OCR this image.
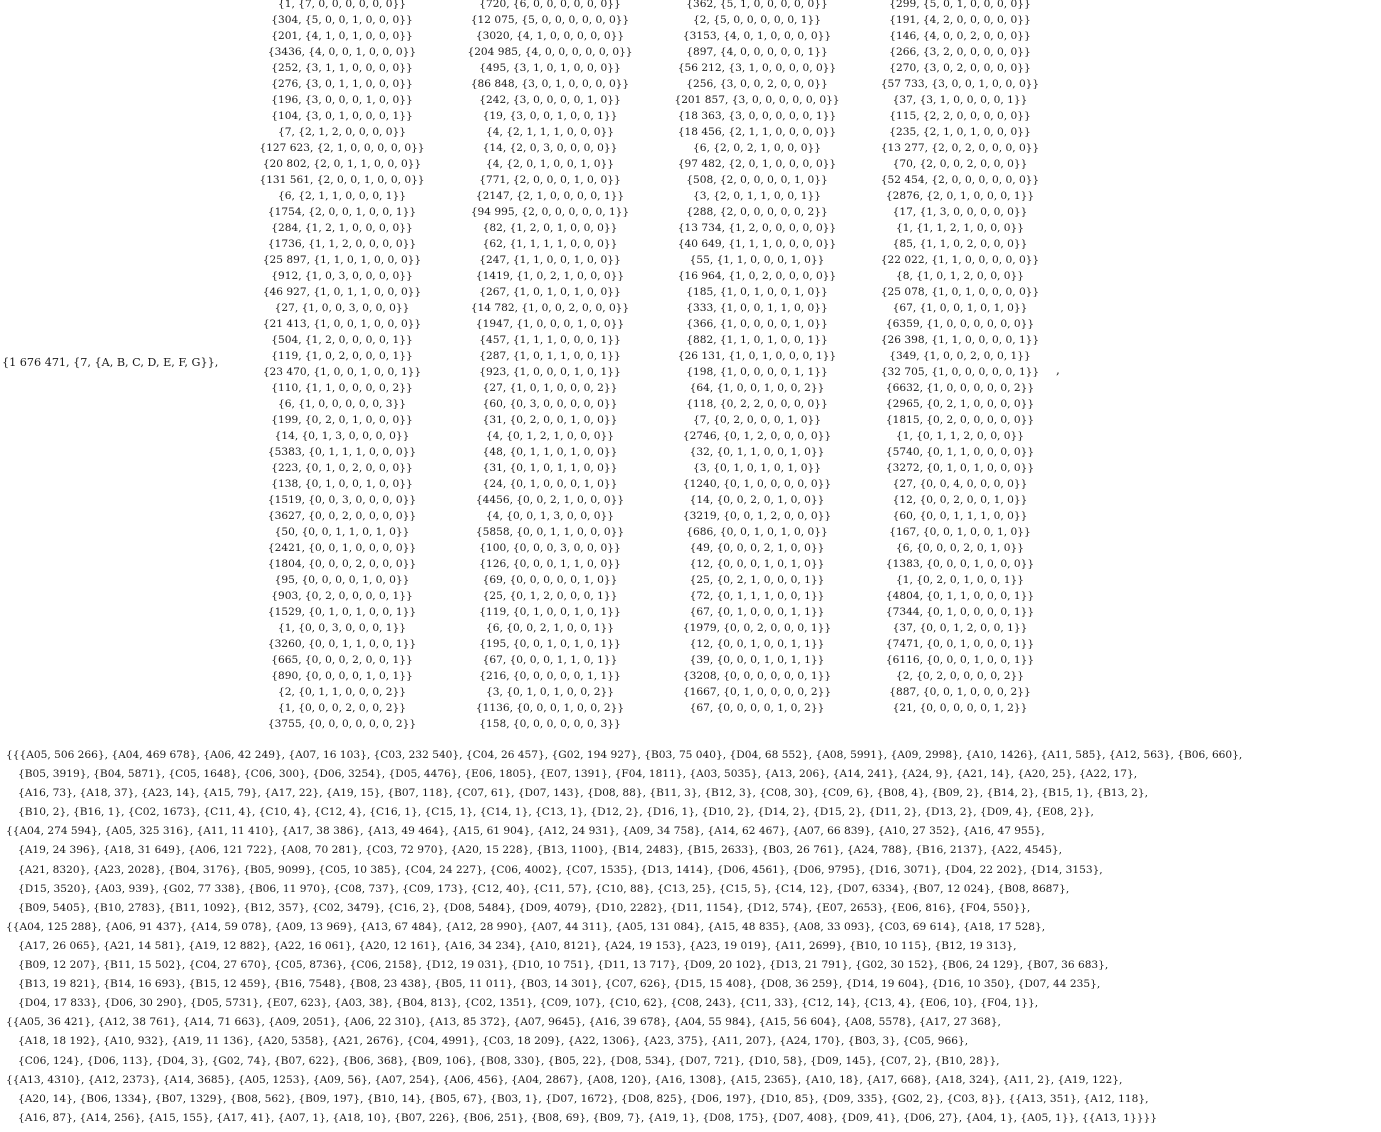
{1 676 471, {7, {A, B, C, D, E, F, G}},
{1, {7, 0, 0, 0, 0, 0, 0}}
{304, {5, 0, 0, 1, 0, 0, 0}}
{201, {4, 1, 0, 1, 0, 0, 0}}
{3436, {4, 0, 0, 1, 0, 0, 0}}
{252, {3, 1, 1, 0, 0, 0, 0}}
{276, {3, 0, 1, 1, 0, 0, 0}}
{196, {3, 0, 0, 0, 1, 0, 0}}
{104, {3, 0, 1, 0, 0, 0, 1}}
{7, {2, 1, 2, 0, 0, 0, 0}}
{127 623, {2, 1, 0, 0, 0, 0, 0}}
{20 802, {2, 0, 1, 1, 0, 0, 0}}
{131 561, {2, 0, 0, 1, 0, 0, 0}}
{6, {2, 1, 1, 0, 0, 0, 1}}
{1754, {2, 0, 0, 1, 0, 0, 1}}
{284, {1, 2, 1, 0, 0, 0, 0}}
{1736, {1, 1, 2, 0, 0, 0, 0}}
{25 897, {1, 1, 0, 1, 0, 0, 0}}
{912, {1, 0, 3, 0, 0, 0, 0}}
{46 927, {1, 0, 1, 1, 0, 0, 0}}
{27, {1, 0, 0, 3, 0, 0, 0}}
{21 413, {1, 0, 0, 1, 0, 0, 0}}
{504, {1, 2, 0, 0, 0, 0, 1}}
{119, {1, 0, 2, 0, 0, 0, 1}}
{23 470, {1, 0, 0, 1, 0, 0, 1}}
{110, {1, 1, 0, 0, 0, 0, 2}}
{6, {1, 0, 0, 0, 0, 0, 3}}
{199, {0, 2, 0, 1, 0, 0, 0}}
{14, {0, 1, 3, 0, 0, 0, 0}}
{5383, {0, 1, 1, 1, 0, 0, 0}}
{223, {0, 1, 0, 2, 0, 0, 0}}
{138, {0, 1, 0, 0, 1, 0, 0}}
{1519, {0, 0, 3, 0, 0, 0, 0}}
{3627, {0, 0, 2, 0, 0, 0, 0}}
{50, {0, 0, 1, 1, 0, 1, 0}}
{2421, {0, 0, 1, 0, 0, 0, 0}}
{1804, {0, 0, 0, 2, 0, 0, 0}}
{95, {0, 0, 0, 0, 1, 0, 0}}
{903, {0, 2, 0, 0, 0, 0, 1}}
{1529, {0, 1, 0, 1, 0, 0, 1}}
{1, {0, 0, 3, 0, 0, 0, 1}}
{3260, {0, 0, 1, 1, 0, 0, 1}}
{665, {0, 0, 0, 2, 0, 0, 1}}
{890, {0, 0, 0, 0, 1, 0, 1}}
{2, {0, 1, 1, 0, 0, 0, 2}}
{1, {0, 0, 0, 2, 0, 0, 2}}
{3755, {0, 0, 0, 0, 0, 0, 2}}
{720, {6, 0, 0, 0, 0, 0, 0}}
{12 075, {5, 0, 0, 0, 0, 0, 0}}
{3020, {4, 1, 0, 0, 0, 0, 0}}
{204 985, {4, 0, 0, 0, 0, 0, 0}}
{495, {3, 1, 0, 1, 0, 0, 0}}
{86 848, {3, 0, 1, 0, 0, 0, 0}}
{242, {3, 0, 0, 0, 0, 1, 0}}
{19, {3, 0, 0, 1, 0, 0, 1}}
{4, {2, 1, 1, 1, 0, 0, 0}}
{14, {2, 0, 3, 0, 0, 0, 0}}
{4, {2, 0, 1, 0, 0, 1, 0}}
{771, {2, 0, 0, 0, 1, 0, 0}}
{2147, {2, 1, 0, 0, 0, 0, 1}}
{94 995, {2, 0, 0, 0, 0, 0, 1}}
{82, {1, 2, 0, 1, 0, 0, 0}}
{62, {1, 1, 1, 1, 0, 0, 0}}
{247, {1, 1, 0, 0, 1, 0, 0}}
{1419, {1, 0, 2, 1, 0, 0, 0}}
{267, {1, 0, 1, 0, 1, 0, 0}}
{14 782, {1, 0, 0, 2, 0, 0, 0}}
{1947, {1, 0, 0, 0, 1, 0, 0}}
{457, {1, 1, 1, 0, 0, 0, 1}}
{287, {1, 0, 1, 1, 0, 0, 1}}
{923, {1, 0, 0, 0, 1, 0, 1}}
{27, {1, 0, 1, 0, 0, 0, 2}}
{60, {0, 3, 0, 0, 0, 0, 0}}
{31, {0, 2, 0, 0, 1, 0, 0}}
{4, {0, 1, 2, 1, 0, 0, 0}}
{48, {0, 1, 1, 0, 1, 0, 0}}
{31, {0, 1, 0, 1, 1, 0, 0}}
{24, {0, 1, 0, 0, 0, 1, 0}}
{4456, {0, 0, 2, 1, 0, 0, 0}}
{4, {0, 0, 1, 3, 0, 0, 0}}
{5858, {0, 0, 1, 1, 0, 0, 0}}
{100, {0, 0, 0, 3, 0, 0, 0}}
{126, {0, 0, 0, 1, 1, 0, 0}}
{69, {0, 0, 0, 0, 0, 1, 0}}
{25, {0, 1, 2, 0, 0, 0, 1}}
{119, {0, 1, 0, 0, 1, 0, 1}}
{6, {0, 0, 2, 1, 0, 0, 1}}
{195, {0, 0, 1, 0, 1, 0, 1}}
{67, {0, 0, 0, 1, 1, 0, 1}}
{216, {0, 0, 0, 0, 0, 1, 1}}
{3, {0, 1, 0, 1, 0, 0, 2}}
{1136, {0, 0, 0, 1, 0, 0, 2}}
{158, {0, 0, 0, 0, 0, 0, 3}}
{362, {5, 1, 0, 0, 0, 0, 0}}
{2, {5, 0, 0, 0, 0, 0, 1}}
{3153, {4, 0, 1, 0, 0, 0, 0}}
{897, {4, 0, 0, 0, 0, 0, 1}}
{56 212, {3, 1, 0, 0, 0, 0, 0}}
{256, {3, 0, 0, 2, 0, 0, 0}}
{201 857, {3, 0, 0, 0, 0, 0, 0}}
{18 363, {3, 0, 0, 0, 0, 0, 1}}
{18 456, {2, 1, 1, 0, 0, 0, 0}}
{6, {2, 0, 2, 1, 0, 0, 0}}
{97 482, {2, 0, 1, 0, 0, 0, 0}}
{508, {2, 0, 0, 0, 0, 1, 0}}
{3, {2, 0, 1, 1, 0, 0, 1}}
{288, {2, 0, 0, 0, 0, 0, 2}}
{13 734, {1, 2, 0, 0, 0, 0, 0}}
{40 649, {1, 1, 1, 0, 0, 0, 0}}
{55, {1, 1, 0, 0, 0, 1, 0}}
{16 964, {1, 0, 2, 0, 0, 0, 0}}
{185, {1, 0, 1, 0, 0, 1, 0}}
{333, {1, 0, 0, 1, 1, 0, 0}}
{366, {1, 0, 0, 0, 0, 1, 0}}
{882, {1, 1, 0, 1, 0, 0, 1}}
{26 131, {1, 0, 1, 0, 0, 0, 1}}
{198, {1, 0, 0, 0, 0, 1, 1}}
{64, {1, 0, 0, 1, 0, 0, 2}}
{118, {0, 2, 2, 0, 0, 0, 0}}
{7, {0, 2, 0, 0, 0, 1, 0}}
{2746, {0, 1, 2, 0, 0, 0, 0}}
{32, {0, 1, 1, 0, 0, 1, 0}}
{3, {0, 1, 0, 1, 0, 1, 0}}
{1240, {0, 1, 0, 0, 0, 0, 0}}
{14, {0, 0, 2, 0, 1, 0, 0}}
{3219, {0, 0, 1, 2, 0, 0, 0}}
{686, {0, 0, 1, 0, 1, 0, 0}}
{49, {0, 0, 0, 2, 1, 0, 0}}
{12, {0, 0, 0, 1, 0, 1, 0}}
{25, {0, 2, 1, 0, 0, 0, 1}}
{72, {0, 1, 1, 1, 0, 0, 1}}
{67, {0, 1, 0, 0, 0, 1, 1}}
{1979, {0, 0, 2, 0, 0, 0, 1}}
{12, {0, 0, 1, 0, 0, 1, 1}}
{39, {0, 0, 0, 1, 0, 1, 1}}
{3208, {0, 0, 0, 0, 0, 0, 1}}
{1667, {0, 1, 0, 0, 0, 0, 2}}
{67, {0, 0, 0, 0, 1, 0, 2}}
{299, {5, 0, 1, 0, 0, 0, 0}}
{191, {4, 2, 0, 0, 0, 0, 0}}
{146, {4, 0, 0, 2, 0, 0, 0}}
{266, {3, 2, 0, 0, 0, 0, 0}}
{270, {3, 0, 2, 0, 0, 0, 0}}
{57 733, {3, 0, 0, 1, 0, 0, 0}}
{37, {3, 1, 0, 0, 0, 0, 1}}
{115, {2, 2, 0, 0, 0, 0, 0}}
{235, {2, 1, 0, 1, 0, 0, 0}}
{13 277, {2, 0, 2, 0, 0, 0, 0}}
{70, {2, 0, 0, 2, 0, 0, 0}}
{52 454, {2, 0, 0, 0, 0, 0, 0}}
{2876, {2, 0, 1, 0, 0, 0, 1}}
{17, {1, 3, 0, 0, 0, 0, 0}}
{1, {1, 1, 2, 1, 0, 0, 0}}
{85, {1, 1, 0, 2, 0, 0, 0}}
{22 022, {1, 1, 0, 0, 0, 0, 0}}
{8, {1, 0, 1, 2, 0, 0, 0}}
{25 078, {1, 0, 1, 0, 0, 0, 0}}
{67, {1, 0, 0, 1, 0, 1, 0}}
{6359, {1, 0, 0, 0, 0, 0, 0}}
{26 398, {1, 1, 0, 0, 0, 0, 1}}
{349, {1, 0, 0, 2, 0, 0, 1}}
{32 705, {1, 0, 0, 0, 0, 0, 1}}
{6632, {1, 0, 0, 0, 0, 0, 2}}
{2965, {0, 2, 1, 0, 0, 0, 0}}
{1815, {0, 2, 0, 0, 0, 0, 0}}
{1, {0, 1, 1, 2, 0, 0, 0}}
{5740, {0, 1, 1, 0, 0, 0, 0}}
{3272, {0, 1, 0, 1, 0, 0, 0}}
{27, {0, 0, 4, 0, 0, 0, 0}}
{12, {0, 0, 2, 0, 0, 1, 0}}
{60, {0, 0, 1, 1, 1, 0, 0}}
{167, {0, 0, 1, 0, 0, 1, 0}}
{6, {0, 0, 0, 2, 0, 1, 0}}
{1383, {0, 0, 0, 1, 0, 0, 0}}
{1, {0, 2, 0, 1, 0, 0, 1}}
{4804, {0, 1, 1, 0, 0, 0, 1}}
{7344, {0, 1, 0, 0, 0, 0, 1}}
{37, {0, 0, 1, 2, 0, 0, 1}}
{7471, {0, 0, 1, 0, 0, 0, 1}}
{6116, {0, 0, 0, 1, 0, 0, 1}}
{2, {0, 2, 0, 0, 0, 0, 2}}
{887, {0, 0, 1, 0, 0, 0, 2}}
{21, {0, 0, 0, 0, 0, 1, 2}}
,
{{{A05, 506 266}, {A04, 469 678}, {A06, 42 249}, {A07, 16 103}, {C03, 232 540}, {C04, 26 457}, {G02, 194 927}, {B03, 75 040}, {D04, 68 552}, {A08, 5991}, {A09, 2998}, {A10, 1426}, {A11, 585}, {A12, 563}, {B06, 660},
{B05, 3919}, {B04, 5871}, {C05, 1648}, {C06, 300}, {D06, 3254}, {D05, 4476}, {E06, 1805}, {E07, 1391}, {F04, 1811}, {A03, 5035}, {A13, 206}, {A14, 241}, {A24, 9}, {A21, 14}, {A20, 25}, {A22, 17},
{A16, 73}, {A18, 37}, {A23, 14}, {A15, 79}, {A17, 22}, {A19, 15}, {B07, 118}, {C07, 61}, {D07, 143}, {D08, 88}, {B11, 3}, {B12, 3}, {C08, 30}, {C09, 6}, {B08, 4}, {B09, 2}, {B14, 2}, {B15, 1}, {B13, 2},
{B10, 2}, {B16, 1}, {C02, 1673}, {C11, 4}, {C10, 4}, {C12, 4}, {C16, 1}, {C15, 1}, {C14, 1}, {C13, 1}, {D12, 2}, {D16, 1}, {D10, 2}, {D14, 2}, {D15, 2}, {D11, 2}, {D13, 2}, {D09, 4}, {E08, 2}},
{{A04, 274 594}, {A05, 325 316}, {A11, 11 410}, {A17, 38 386}, {A13, 49 464}, {A15, 61 904}, {A12, 24 931}, {A09, 34 758}, {A14, 62 467}, {A07, 66 839}, {A10, 27 352}, {A16, 47 955},
{A19, 24 396}, {A18, 31 649}, {A06, 121 722}, {A08, 70 281}, {C03, 72 970}, {A20, 15 228}, {B13, 1100}, {B14, 2483}, {B15, 2633}, {B03, 26 761}, {A24, 788}, {B16, 2137}, {A22, 4545},
{A21, 8320}, {A23, 2028}, {B04, 3176}, {B05, 9099}, {C05, 10 385}, {C04, 24 227}, {C06, 4002}, {C07, 1535}, {D13, 1414}, {D06, 4561}, {D06, 9795}, {D16, 3071}, {D04, 22 202}, {D14, 3153},
{D15, 3520}, {A03, 939}, {G02, 77 338}, {B06, 11 970}, {C08, 737}, {C09, 173}, {C12, 40}, {C11, 57}, {C10, 88}, {C13, 25}, {C15, 5}, {C14, 12}, {D07, 6334}, {B07, 12 024}, {B08, 8687},
{B09, 5405}, {B10, 2783}, {B11, 1092}, {B12, 357}, {C02, 3479}, {C16, 2}, {D08, 5484}, {D09, 4079}, {D10, 2282}, {D11, 1154}, {D12, 574}, {E07, 2653}, {E06, 816}, {F04, 550}},
{{A04, 125 288}, {A06, 91 437}, {A14, 59 078}, {A09, 13 969}, {A13, 67 484}, {A12, 28 990}, {A07, 44 311}, {A05, 131 084}, {A15, 48 835}, {A08, 33 093}, {C03, 69 614}, {A18, 17 528},
{A17, 26 065}, {A21, 14 581}, {A19, 12 882}, {A22, 16 061}, {A20, 12 161}, {A16, 34 234}, {A10, 8121}, {A24, 19 153}, {A23, 19 019}, {A11, 2699}, {B10, 10 115}, {B12, 19 313},
{B09, 12 207}, {B11, 15 502}, {C04, 27 670}, {C05, 8736}, {C06, 2158}, {D12, 19 031}, {D10, 10 751}, {D11, 13 717}, {D09, 20 102}, {D13, 21 791}, {G02, 30 152}, {B06, 24 129}, {B07, 36 683},
{B13, 19 821}, {B14, 16 693}, {B15, 12 459}, {B16, 7548}, {B08, 23 438}, {B05, 11 011}, {B03, 14 301}, {C07, 626}, {D15, 15 408}, {D08, 36 259}, {D14, 19 604}, {D16, 10 350}, {D07, 44 235},
{D04, 17 833}, {D06, 30 290}, {D05, 5731}, {E07, 623}, {A03, 38}, {B04, 813}, {C02, 1351}, {C09, 107}, {C10, 62}, {C08, 243}, {C11, 33}, {C12, 14}, {C13, 4}, {E06, 10}, {F04, 1}},
{{A05, 36 421}, {A12, 38 761}, {A14, 71 663}, {A09, 2051}, {A06, 22 310}, {A13, 85 372}, {A07, 9645}, {A16, 39 678}, {A04, 55 984}, {A15, 56 604}, {A08, 5578}, {A17, 27 368},
{A18, 18 192}, {A10, 932}, {A19, 11 136}, {A20, 5358}, {A21, 2676}, {C04, 4991}, {C03, 18 209}, {A22, 1306}, {A23, 375}, {A11, 207}, {A24, 170}, {B03, 3}, {C05, 966},
{C06, 124}, {D06, 113}, {D04, 3}, {G02, 74}, {B07, 622}, {B06, 368}, {B09, 106}, {B08, 330}, {B05, 22}, {D08, 534}, {D07, 721}, {D10, 58}, {D09, 145}, {C07, 2}, {B10, 28}},
{{A13, 4310}, {A12, 2373}, {A14, 3685}, {A05, 1253}, {A09, 56}, {A07, 254}, {A06, 456}, {A04, 2867}, {A08, 120}, {A16, 1308}, {A15, 2365}, {A10, 18}, {A17, 668}, {A18, 324}, {A11, 2}, {A19, 122},
{A20, 14}, {B06, 1334}, {B07, 1329}, {B08, 562}, {B09, 197}, {B10, 14}, {B05, 67}, {B03, 1}, {D07, 1672}, {D08, 825}, {D06, 197}, {D10, 85}, {D09, 335}, {G02, 2}, {C03, 8}}, {{A13, 351}, {A12, 118},
{A16, 87}, {A14, 256}, {A15, 155}, {A17, 41}, {A07, 1}, {A18, 10}, {B07, 226}, {B06, 251}, {B08, 69}, {B09, 7}, {A19, 1}, {D08, 175}, {D07, 408}, {D09, 41}, {D06, 27}, {A04, 1}, {A05, 1}}, {{A13, 1}}}}
